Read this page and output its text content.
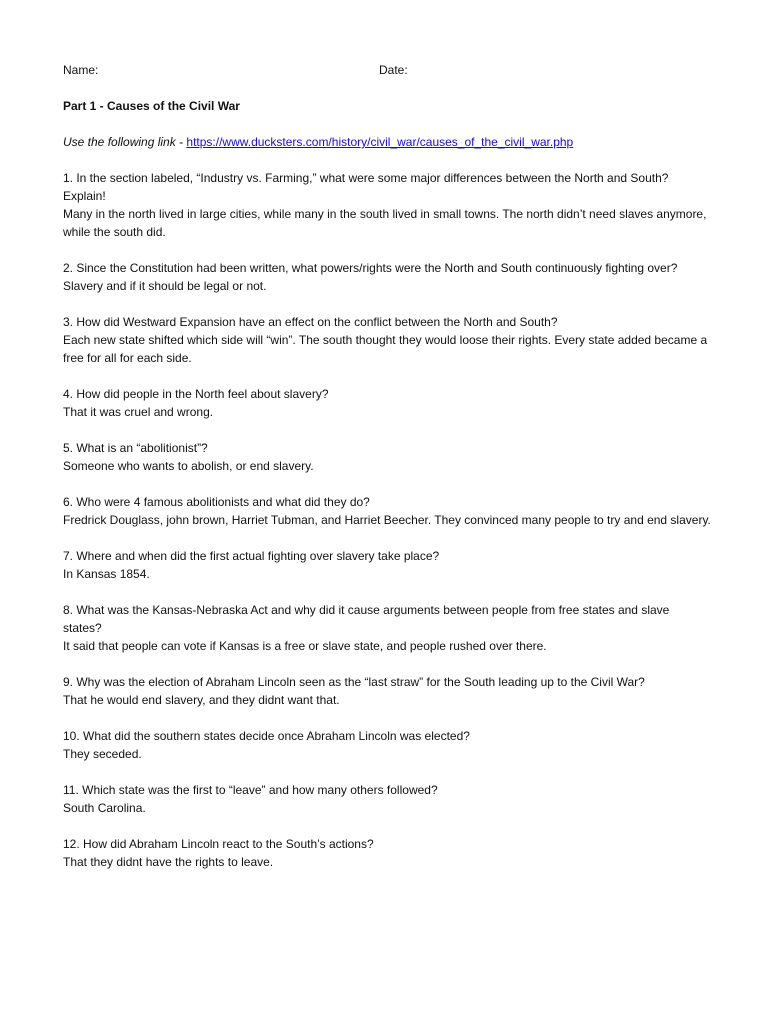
Name:	Date:
Part 1 - Causes of the Civil War
Use the following link - https://www.ducksters.com/history/civil_war/causes_of_the_civil_war.php
1. In the section labeled, “Industry vs. Farming,” what were some major differences between the North and South? Explain!
Many in the north lived in large cities, while many in the south lived in small towns. The north didn’t need slaves anymore, while the south did.
2. Since the Constitution had been written, what powers/rights were the North and South continuously fighting over?
Slavery and if it should be legal or not.
3. How did Westward Expansion have an effect on the conflict between the North and South?
Each new state shifted which side will “win”. The south thought they would loose their rights. Every state added became a free for all for each side.
4. How did people in the North feel about slavery?
That it was cruel and wrong.
5. What is an “abolitionist”?
Someone who wants to abolish, or end slavery.
6. Who were 4 famous abolitionists and what did they do?
Fredrick Douglass, john brown, Harriet Tubman, and Harriet Beecher. They convinced many people to try and end slavery.
7. Where and when did the first actual fighting over slavery take place?
In Kansas 1854.
8. What was the Kansas-Nebraska Act and why did it cause arguments between people from free states and slave states?
It said that people can vote if Kansas is a free or slave state, and people rushed over there.
9. Why was the election of Abraham Lincoln seen as the “last straw” for the South leading up to the Civil War?
That he would end slavery, and they didnt want that.
10. What did the southern states decide once Abraham Lincoln was elected?
They seceded.
11. Which state was the first to “leave” and how many others followed?
South Carolina.
12. How did Abraham Lincoln react to the South’s actions?
That they didnt have the rights to leave.
